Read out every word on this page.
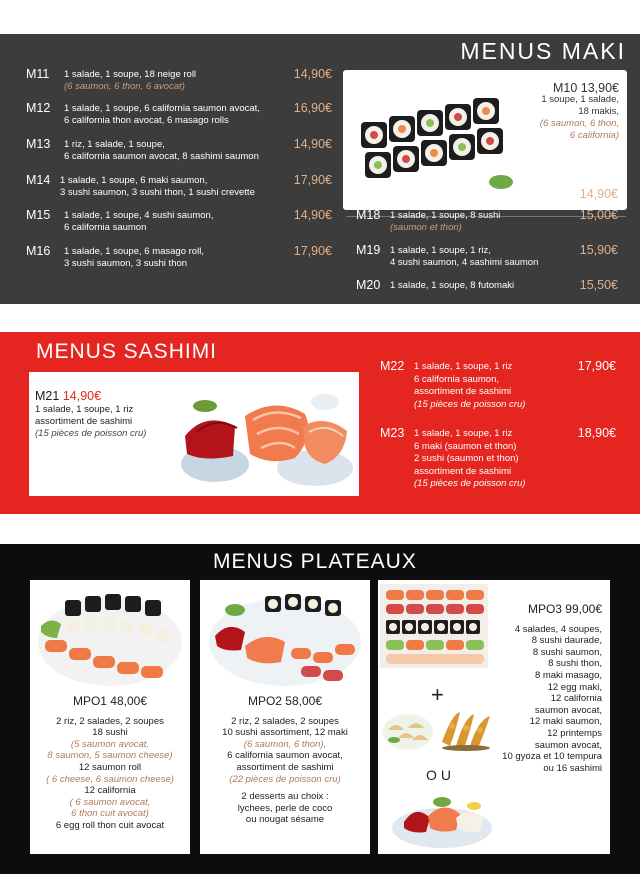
MENUS MAKI
M11 1 salade, 1 soupe, 18 neige roll
(6 saumon, 6 thon, 6 avocat)
14,90€
M12 1 salade, 1 soupe, 6 california saumon avocat,
6 california thon avocat, 6 masago rolls
16,90€
M13 1 riz, 1 salade, 1 soupe,
6 california saumon avocat, 8 sashimi saumon
14,90€
M14 1 salade, 1 soupe, 6 maki saumon,
3 sushi saumon, 3 sushi thon, 1 sushi crevette
17,90€
M15 1 salade, 1 soupe, 4 sushi saumon,
6 california saumon
14,90€
M16 1 salade, 1 soupe, 6 masago roll,
3 sushi saumon, 3 sushi thon
17,90€
M10 13,90€
1 soupe, 1 salade,
18 makis,
(6 saumon, 6 thon,
6 california)
M17 1 salade, 1 soupe, 8 sushi saumon	14,90€
M18 1 salade, 1 soupe, 8 sushi
(saumon et thon)
15,00€
M19 1 salade, 1 soupe, 1 riz,
4 sushi saumon, 4 sashimi saumon
15,90€
M20 1 salade, 1 soupe, 8 futomaki	15,50€
MENUS SASHIMI
M21 14,90€
1 salade, 1 soupe, 1 riz
assortiment de sashimi
(15 pièces de poisson cru)
M22 1 salade, 1 soupe, 1 riz
6 california saumon,
assortiment de sashimi
(15 pièces de poisson cru)
17,90€
M23 1 salade, 1 soupe, 1 riz
6 maki (saumon et thon)
2 sushi (saumon et thon)
assortiment de sashimi
(15 pièces de poisson cru)
18,90€
MENUS PLATEAUX
MPO1 48,00€
2 riz, 2 salades, 2 soupes
18 sushi
(5 saumon avocat,
8 saumon, 5 saumon cheese)
12 saumon roll
( 6 cheese, 6 saumon cheese)
12 california
( 6 saumon avocat,
6 thon cuit avocat)
6 egg roll thon cuit avocat
MPO2 58,00€
2 riz, 2 salades, 2 soupes
10 sushi assortiment, 12 maki
(6 saumon, 6 thon),
6 california saumon avocat,
assortiment de sashimi
(22 pièces de poisson cru)
2 desserts au choix :
lychees, perle de coco
ou nougat sésame
+
OU
MPO3 99,00€
4 salades, 4 soupes,
8 sushi daurade,
8 sushi saumon,
8 sushi thon,
8 maki masago,
12 egg maki,
12 california
saumon avocat,
12 maki saumon,
12 printemps
saumon avocat,
10 gyoza et 10 tempura
ou 16 sashimi
